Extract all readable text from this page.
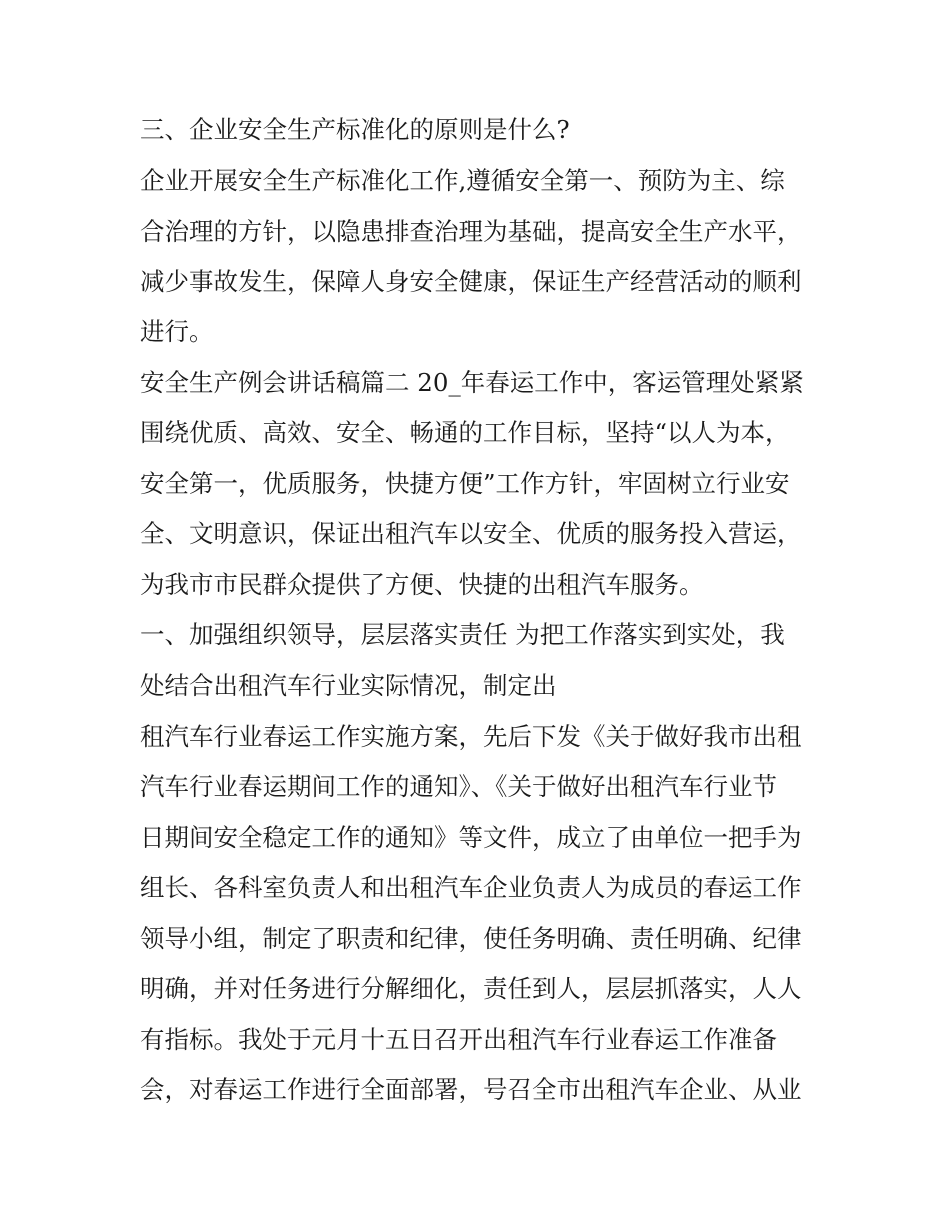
三、企业安全生产标准化的原则是什么?
企业开展安全生产标准化工作,遵循安全第一、预防为主、综
合治理的方针，以隐患排查治理为基础，提高安全生产水平，
减少事故发生，保障人身安全健康，保证生产经营活动的顺利
进行。
安全生产例会讲话稿篇二 20_年春运工作中，客运管理处紧紧
围绕优质、高效、安全、畅通的工作目标，坚持“以人为本，
安全第一，优质服务，快捷方便”工作方针，牢固树立行业安
全、文明意识，保证出租汽车以安全、优质的服务投入营运，
为我市市民群众提供了方便、快捷的出租汽车服务。
一、加强组织领导，层层落实责任 为把工作落实到实处，我
处结合出租汽车行业实际情况，制定出
租汽车行业春运工作实施方案，先后下发《关于做好我市出租
汽车行业春运期间工作的通知》、《关于做好出租汽车行业节
日期间安全稳定工作的通知》等文件，成立了由单位一把手为
组长、各科室负责人和出租汽车企业负责人为成员的春运工作
领导小组，制定了职责和纪律，使任务明确、责任明确、纪律
明确，并对任务进行分解细化，责任到人，层层抓落实，人人
有指标。我处于元月十五日召开出租汽车行业春运工作准备
会，对春运工作进行全面部署，号召全市出租汽车企业、从业
